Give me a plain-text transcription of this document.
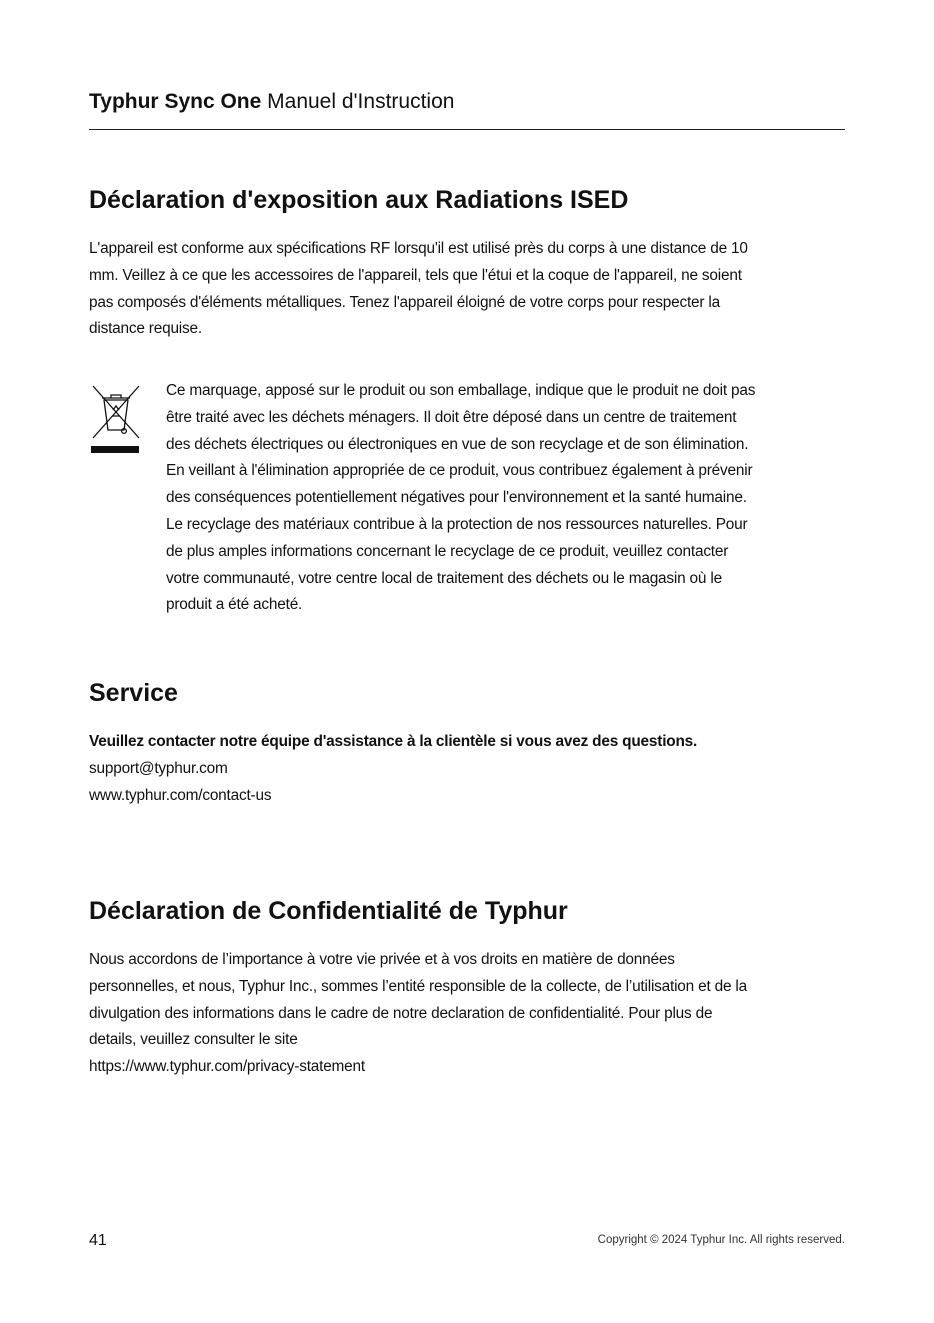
Typhur Sync One Manuel d'Instruction
Déclaration d'exposition aux Radiations ISED
L'appareil est conforme aux spécifications RF lorsqu'il est utilisé près du corps à une distance de 10
mm. Veillez à ce que les accessoires de l'appareil, tels que l'étui et la coque de l'appareil, ne soient
pas composés d'éléments métalliques. Tenez l'appareil éloigné de votre corps pour respecter la
distance requise.
Ce marquage, apposé sur le produit ou son emballage, indique que le produit ne doit pas
être traité avec les déchets ménagers. Il doit être déposé dans un centre de traitement
des déchets électriques ou électroniques en vue de son recyclage et de son élimination.
En veillant à l'élimination appropriée de ce produit, vous contribuez également à prévenir
des conséquences potentiellement négatives pour l'environnement et la santé humaine.
Le recyclage des matériaux contribue à la protection de nos ressources naturelles. Pour
de plus amples informations concernant le recyclage de ce produit, veuillez contacter
votre communauté, votre centre local de traitement des déchets ou le magasin où le
produit a été acheté.
Service
Veuillez contacter notre équipe d'assistance à la clientèle si vous avez des questions.
support@typhur.com
www.typhur.com/contact-us
Déclaration de Confidentialité de Typhur
Nous accordons de l’importance à votre vie privée et à vos droits en matière de données
personnelles, et nous, Typhur Inc., sommes l’entité responsible de la collecte, de l’utilisation et de la
divulgation des informations dans le cadre de notre declaration de confidentialité. Pour plus de
details, veuillez consulter le site
https://www.typhur.com/privacy-statement
41	Copyright © 2024 Typhur Inc. All rights reserved.
